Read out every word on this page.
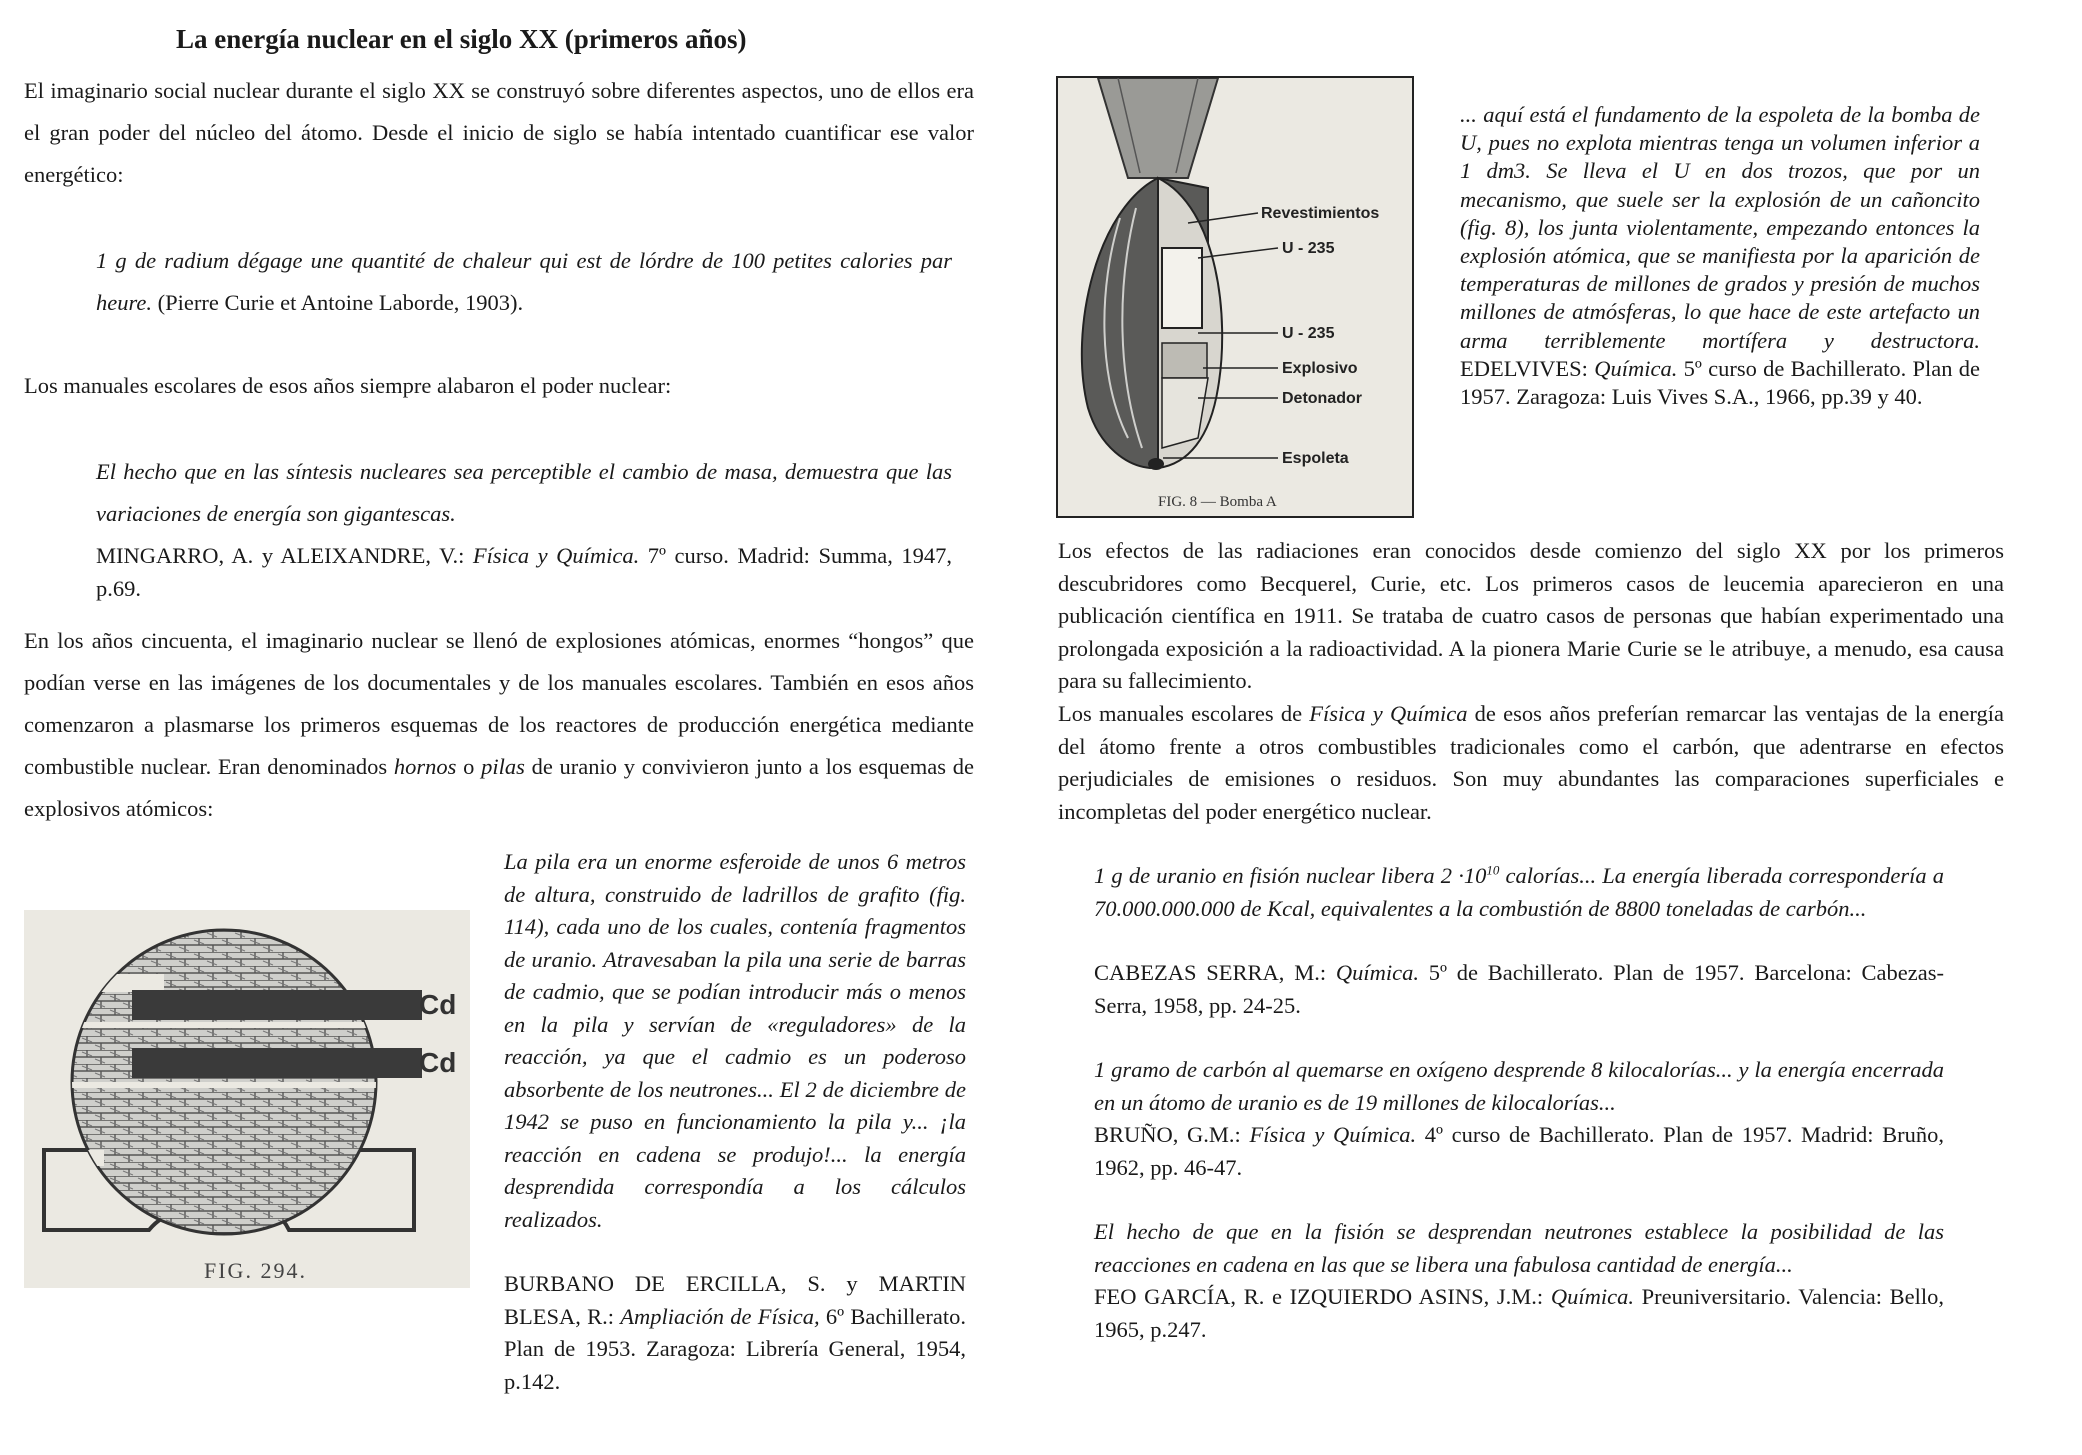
La energía nuclear en el siglo XX (primeros años)
El imaginario social nuclear durante el siglo XX se construyó sobre diferentes aspectos, uno de ellos era el gran poder del núcleo del átomo. Desde el inicio de siglo se había intentado cuantificar ese valor energético:
1 g de radium dégage une quantité de chaleur qui est de lórdre de 100 petites calories par heure. (Pierre Curie et Antoine Laborde, 1903).
Los manuales escolares de esos años siempre alabaron el poder nuclear:
El hecho que en las síntesis nucleares sea perceptible el cambio de masa, demuestra que las variaciones de energía son gigantescas.
MINGARRO, A. y ALEIXANDRE, V.: Física y Química. 7º curso. Madrid: Summa, 1947, p.69.
En los años cincuenta, el imaginario nuclear se llenó de explosiones atómicas, enormes “hongos” que podían verse en las imágenes de los documentales y de los manuales escolares. También en esos años comenzaron a plasmarse los primeros esquemas de los reactores de producción energética mediante combustible nuclear. Eran denominados hornos o pilas de uranio y convivieron junto a los esquemas de explosivos atómicos:
Cd
Cd
FIG. 294.
La pila era un enorme esferoide de unos 6 metros de altura, construido de ladrillos de grafito (fig. 114), cada uno de los cuales, contenía fragmentos de uranio. Atravesaban la pila una serie de barras de cadmio, que se podían introducir más o menos en la pila y servían de «reguladores» de la reacción, ya que el cadmio es un poderoso absorbente de los neutrones... El 2 de diciembre de 1942 se puso en funcionamiento la pila y... ¡la reacción en cadena se produjo!... la energía desprendida correspondía a los cálculos realizados.
BURBANO DE ERCILLA, S. y MARTIN BLESA, R.: Ampliación de Física, 6º Bachillerato. Plan de 1953. Zaragoza: Librería General, 1954, p.142.
Revestimientos
U - 235
U - 235
Explosivo
Detonador
Espoleta
FIG. 8 — Bomba A
... aquí está el fundamento de la espoleta de la bomba de U, pues no explota mientras tenga un volumen inferior a 1 dm3. Se lleva el U en dos trozos, que por un mecanismo, que suele ser la explosión de un cañoncito (fig. 8), los junta violentamente, empezando entonces la explosión atómica, que se manifiesta por la aparición de temperaturas de millones de grados y presión de muchos millones de atmósferas, lo que hace de este artefacto un arma terriblemente mortífera y destructora. EDELVIVES: Química. 5º curso de Bachillerato. Plan de 1957. Zaragoza: Luis Vives S.A., 1966, pp.39 y 40.
Los efectos de las radiaciones eran conocidos desde comienzo del siglo XX por los primeros descubridores como Becquerel, Curie, etc. Los primeros casos de leucemia aparecieron en una publicación científica en 1911. Se trataba de cuatro casos de personas que habían experimentado una prolongada exposición a la radioactividad. A la pionera Marie Curie se le atribuye, a menudo, esa causa para su fallecimiento.
Los manuales escolares de Física y Química de esos años preferían remarcar las ventajas de la energía del átomo frente a otros combustibles tradicionales como el carbón, que adentrarse en efectos perjudiciales de emisiones o residuos. Son muy abundantes las comparaciones superficiales e incompletas del poder energético nuclear.
1 g de uranio en fisión nuclear libera $2 \cdot 10^{10}$ calorías... La energía liberada correspondería a 70.000.000.000 de Kcal, equivalentes a la combustión de 8800 toneladas de carbón...
CABEZAS SERRA, M.: Química. 5º de Bachillerato. Plan de 1957. Barcelona: Cabezas-Serra, 1958, pp. 24-25.
1 gramo de carbón al quemarse en oxígeno desprende 8 kilocalorías... y la energía encerrada en un átomo de uranio es de 19 millones de kilocalorías...
BRUÑO, G.M.: Física y Química. 4º curso de Bachillerato. Plan de 1957. Madrid: Bruño, 1962, pp. 46-47.
El hecho de que en la fisión se desprendan neutrones establece la posibilidad de las reacciones en cadena en las que se libera una fabulosa cantidad de energía...
FEO GARCÍA, R. e IZQUIERDO ASINS, J.M.: Química. Preuniversitario. Valencia: Bello, 1965, p.247.
